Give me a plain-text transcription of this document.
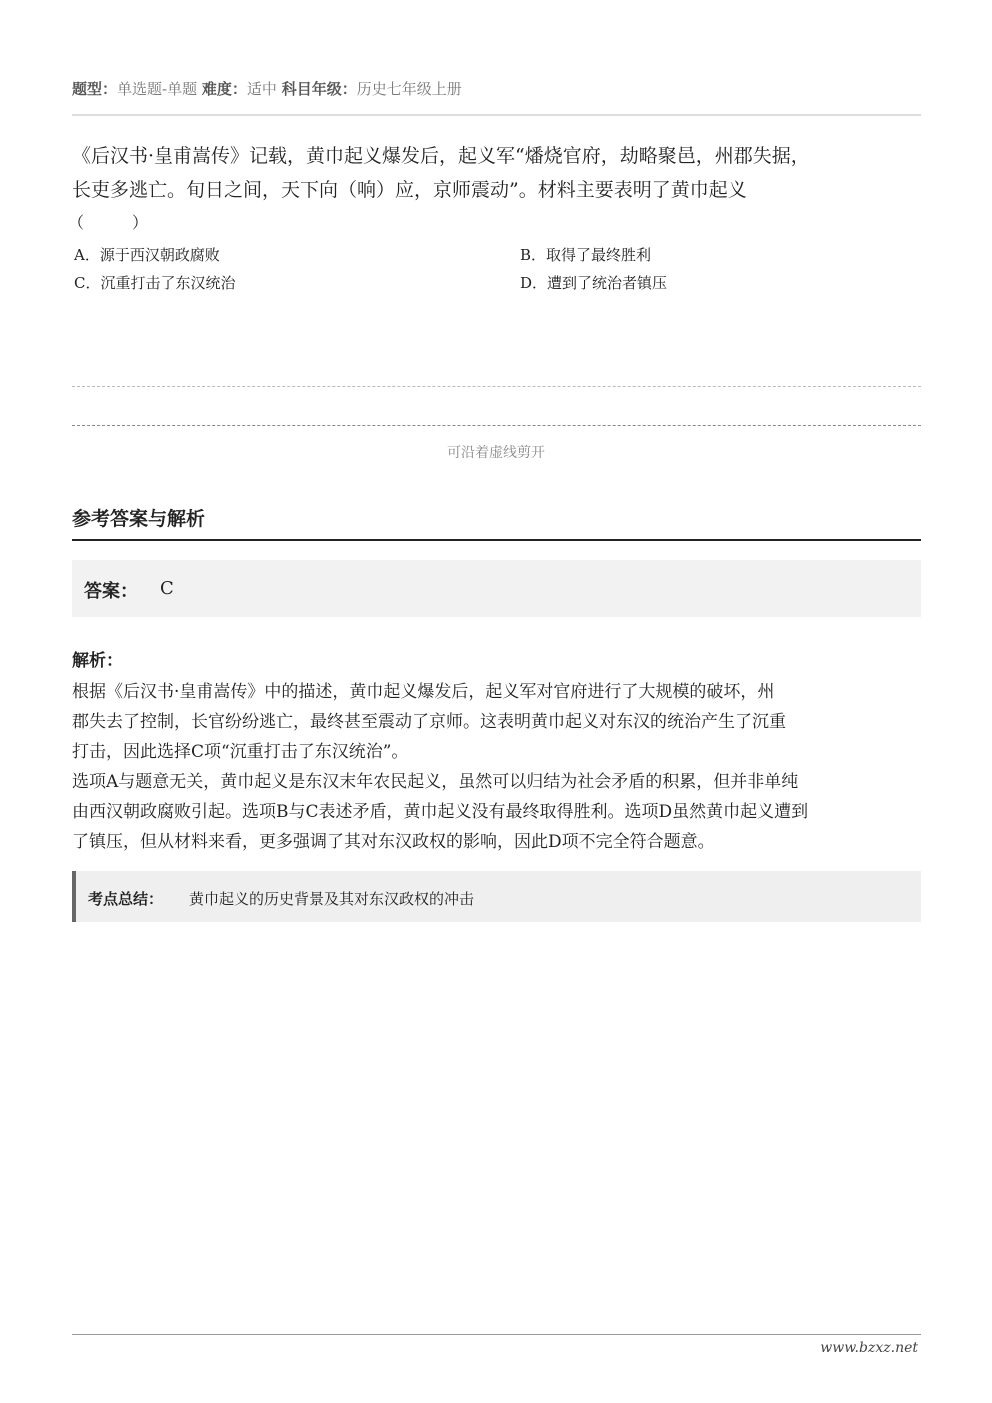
题型：单选题-单题 难度：适中 科目年级：历史七年级上册
《后汉书·皇甫嵩传》记载，黄巾起义爆发后，起义军“燔烧官府，劫略聚邑，州郡失据，
长吏多逃亡。旬日之间，天下向（响）应，京师震动”。材料主要表明了黄巾起义
（　　　）
A．源于西汉朝政腐败	B．取得了最终胜利
C．沉重打击了东汉统治	D．遭到了统治者镇压
可沿着虚线剪开
参考答案与解析
答案： C
解析：
根据《后汉书·皇甫嵩传》中的描述，黄巾起义爆发后，起义军对官府进行了大规模的破坏，州
郡失去了控制，长官纷纷逃亡，最终甚至震动了京师。这表明黄巾起义对东汉的统治产生了沉重
打击，因此选择C项“沉重打击了东汉统治”。
选项A与题意无关，黄巾起义是东汉末年农民起义，虽然可以归结为社会矛盾的积累，但并非单纯
由西汉朝政腐败引起。选项B与C表述矛盾，黄巾起义没有最终取得胜利。选项D虽然黄巾起义遭到
了镇压，但从材料来看，更多强调了其对东汉政权的影响，因此D项不完全符合题意。
考点总结： 黄巾起义的历史背景及其对东汉政权的冲击
www.bzxz.net
